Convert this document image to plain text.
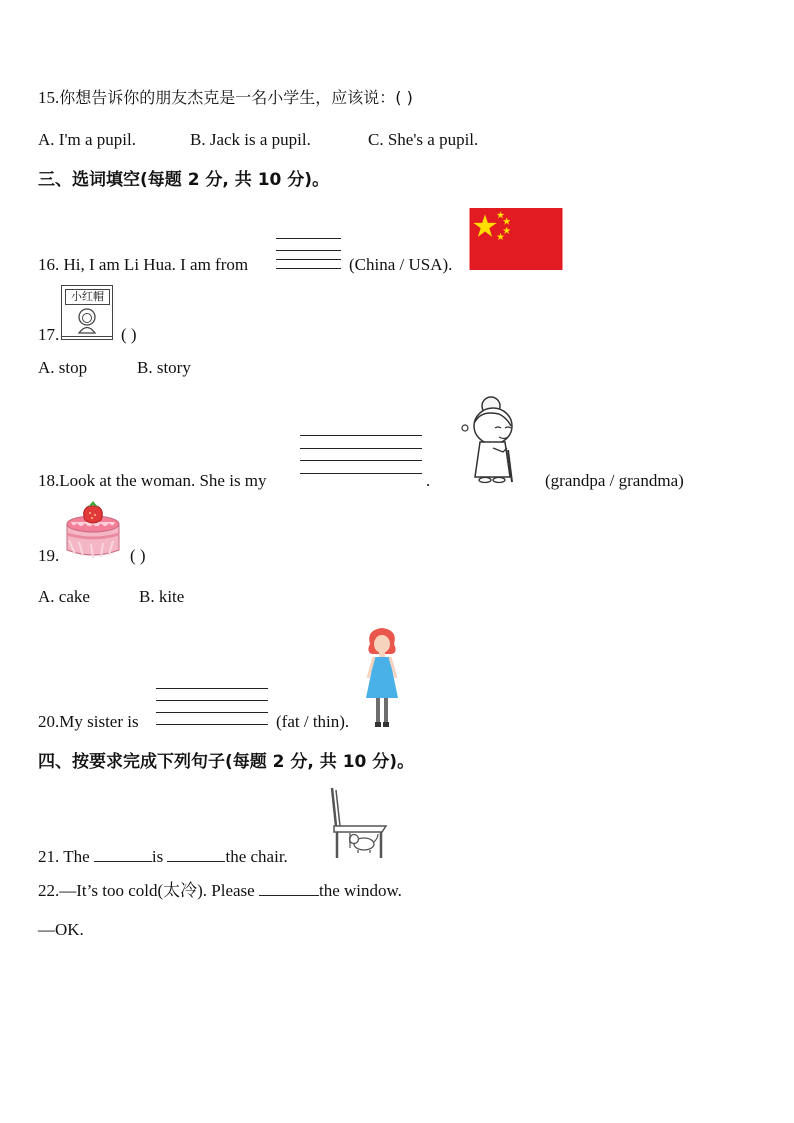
15.你想告诉你的朋友杰克是一名小学生，应该说：( )
A. I'm a pupil.	B. Jack is a pupil.	C. She's a pupil.
三、选词填空(每题 2 分, 共 10 分)。
16. Hi, I am Li Hua. I am from	(China / USA).
17.
小红帽
( )
A. stop	B. story
18.Look at the woman. She is my	.	(grandpa / grandma)
19.	( )
A. cake	B. kite
20.My sister is	(fat / thin).
四、按要求完成下列句子(每题 2 分, 共 10 分)。
21. The	is	the chair.
22.—It’s too cold(太冷). Please	the window.
—OK.
